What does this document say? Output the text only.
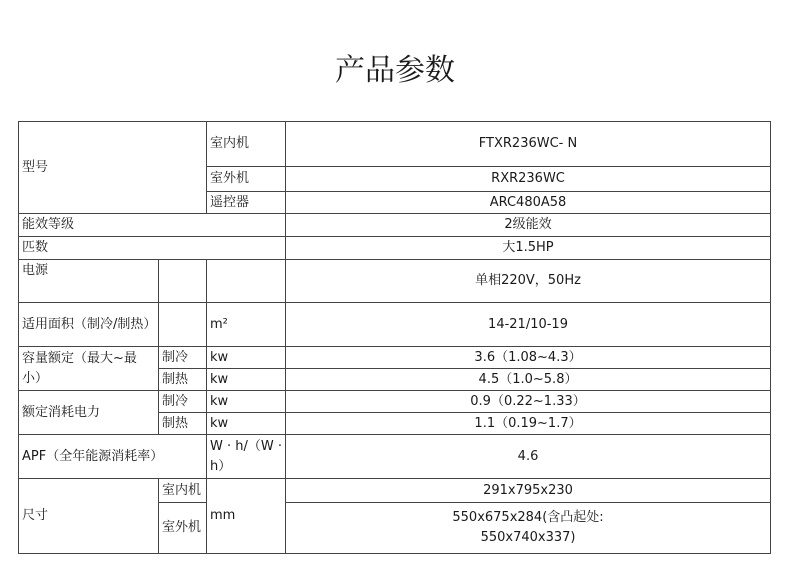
产品参数
型号		室内机	FTXR236WC- N
		室外机	RXR236WC
		遥控器	ARC480A58
能效等级			2级能效
匹数			大1.5HP
电源			单相220V，50Hz
适用面积（制冷/制热）		m²	14-21/10-19
容量额定（最大~最小）	制冷	kw	3.6（1.08~4.3）
	制热	kw	4.5（1.0~5.8）
额定消耗电力	制冷	kw	0.9（0.22~1.33）
	制热	kw	1.1（0.19~1.7）
APF（全年能源消耗率）		W · h/（W · h）	4.6
尺寸	室内机	mm	291x795x230
	室外机		550x675x284(含凸起处:
550x740x337)
